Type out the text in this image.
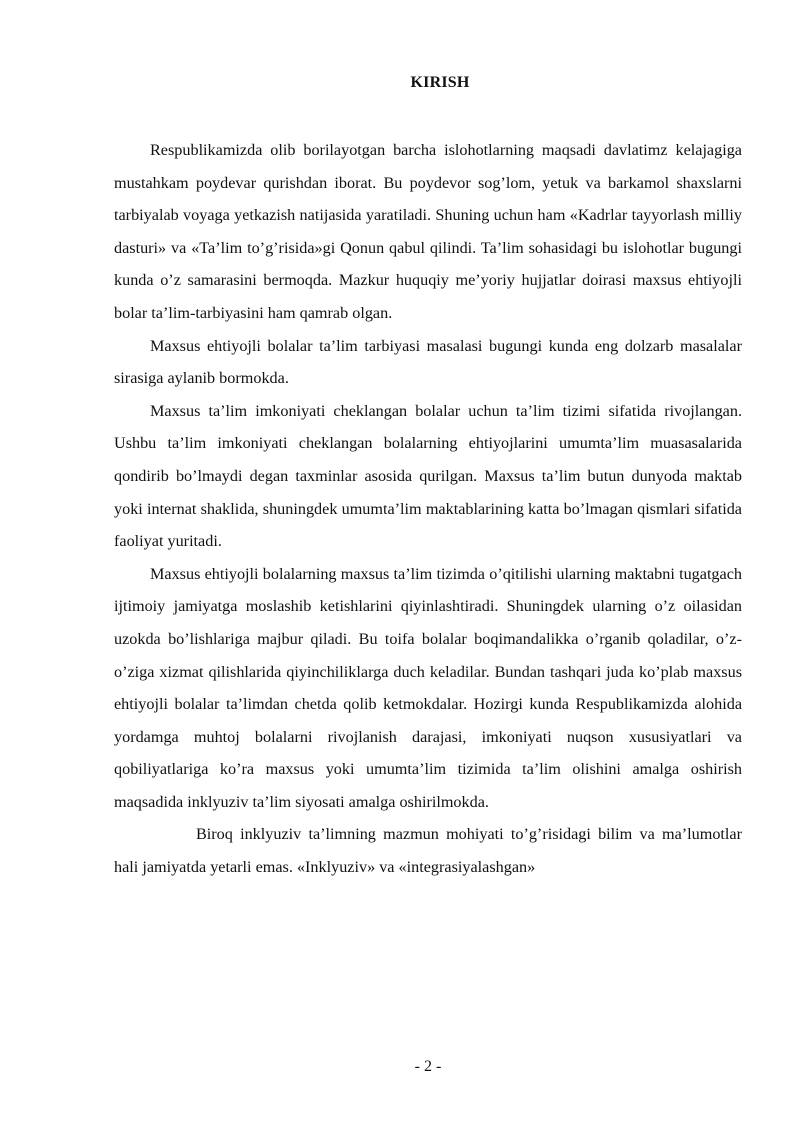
KIRISH

Respublikamizda olib borilayotgan barcha islohotlarning maqsadi davlatimz kelajagiga mustahkam poydevar qurishdan iborat. Bu poydevor sog’lom, yetuk va barkamol shaxslarni tarbiyalab voyaga yetkazish natijasida yaratiladi. Shuning uchun ham «Kadrlar tayyorlash milliy dasturi» va «Ta’lim to’g’risida»gi Qonun qabul qilindi. Ta’lim sohasidagi bu islohotlar bugungi kunda o’z samarasini bermoqda. Mazkur huquqiy me’yoriy hujjatlar doirasi maxsus ehtiyojli bolar ta’lim-tarbiyasini ham qamrab olgan.

Maxsus ehtiyojli bolalar ta’lim tarbiyasi masalasi bugungi kunda eng dolzarb masalalar sirasiga aylanib bormokda.

Maxsus ta’lim imkoniyati cheklangan bolalar uchun ta’lim tizimi sifatida rivojlangan. Ushbu ta’lim imkoniyati cheklangan bolalarning ehtiyojlarini umumta’lim muasasalarida qondirib bo’lmaydi degan taxminlar asosida qurilgan. Maxsus ta’lim butun dunyoda maktab yoki internat shaklida, shuningdek umumta’lim maktablarining katta bo’lmagan qismlari sifatida faoliyat yuritadi.

Maxsus ehtiyojli bolalarning maxsus ta’lim tizimda o’qitilishi ularning maktabni tugatgach ijtimoiy jamiyatga moslashib ketishlarini qiyinlashtiradi. Shuningdek ularning o’z oilasidan uzokda bo’lishlariga majbur qiladi. Bu toifa bolalar boqimandalikka o’rganib qoladilar, o’z-o’ziga xizmat qilishlarida qiyinchiliklarga duch keladilar. Bundan tashqari juda ko’plab maxsus ehtiyojli bolalar ta’limdan chetda qolib ketmokdalar. Hozirgi kunda Respublikamizda alohida yordamga muhtoj bolalarni rivojlanish darajasi, imkoniyati nuqson xususiyatlari va qobiliyatlariga ko’ra maxsus yoki umumta’lim tizimida ta’lim olishini amalga oshirish maqsadida inklyuziv ta’lim siyosati amalga oshirilmokda.

Biroq inklyuziv ta’limning mazmun mohiyati to’g’risidagi bilim va ma’lumotlar hali jamiyatda yetarli emas. «Inklyuziv» va «integrasiyalashgan»

- 2 -
